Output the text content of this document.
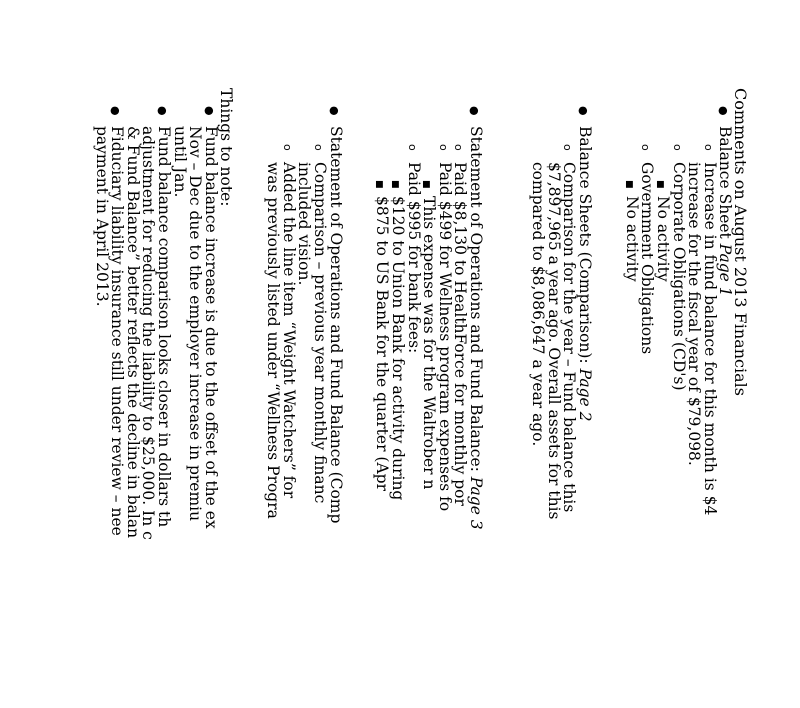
Comments on August 2013 Financials
●Balance Sheet Page 1
oIncrease in fund balance for this month is $4
increase for the fiscal year of $79,098.
oCorporate Obligations (CD's)
■No activity
oGovernment Obligations
■No activity
●Balance Sheets (Comparison): Page 2
oComparison for the year – Fund balance this
$7,897,965 a year ago. Overall assets for this
compared to $8,086,647 a year ago.
●Statement of Operations and Fund Balance: Page 3
oPaid $8,130 to HealthForce for monthly por
oPaid $499 for Wellness program expenses fo
■This expense was for the Waltrober n
oPaid $995 for bank fees:
■$120 to Union Bank for activity during
■$875 to US Bank for the quarter (Apr
●Statement of Operations and Fund Balance (Comp
oComparison – previous year monthly financ
included vision.
oAdded the line item “Weight Watchers” for
was previously listed under “Wellness Progra
Things to note:
●Fund balance increase is due to the offset of the ex
Nov – Dec due to the employer increase in premiu
until Jan.
●Fund balance comparison looks closer in dollars th
adjustment for reducing the liability to $25,000. In c
& Fund Balance” better reflects the decline in balan
●Fiduciary liability insurance still under review – nee
payment in April 2013.
